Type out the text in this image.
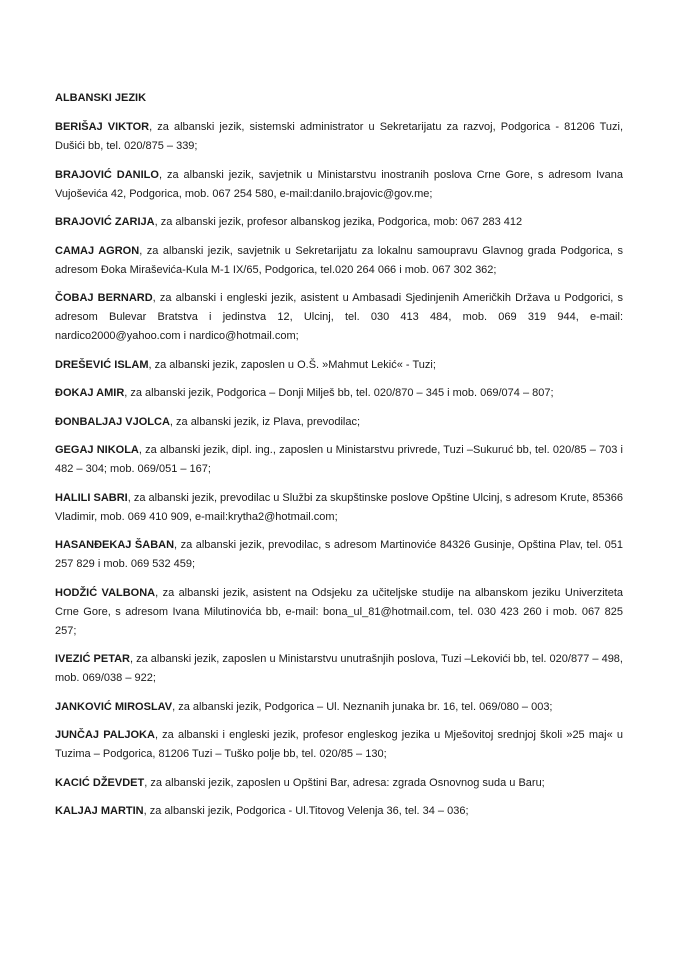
ALBANSKI JEZIK

BERIŠAJ VIKTOR, za albanski jezik, sistemski administrator u Sekretarijatu za razvoj, Podgorica - 81206 Tuzi, Dušići bb, tel. 020/875 – 339;

BRAJOVIĆ DANILO, za albanski jezik, savjetnik u Ministarstvu inostranih poslova Crne Gore, s adresom Ivana Vujoševića 42, Podgorica, mob. 067 254 580, e-mail:danilo.brajovic@gov.me;

BRAJOVIĆ ZARIJA, za albanski jezik, profesor albanskog jezika, Podgorica, mob: 067 283 412

CAMAJ AGRON, za albanski jezik, savjetnik u Sekretarijatu za lokalnu samoupravu Glavnog grada Podgorica, s adresom Đoka Miraševića-Kula M-1 IX/65, Podgorica, tel.020 264 066 i mob. 067 302 362;

ČOBAJ BERNARD, za albanski i engleski jezik, asistent u Ambasadi Sjedinjenih Američkih Država u Podgorici, s adresom Bulevar Bratstva i jedinstva 12, Ulcinj, tel. 030 413 484, mob. 069 319 944, e-mail: nardico2000@yahoo.com i nardico@hotmail.com;

DREŠEVIĆ ISLAM, za albanski jezik, zaposlen u O.Š. »Mahmut Lekić« - Tuzi;

ĐOKAJ AMIR, za albanski jezik, Podgorica – Donji Milješ bb, tel. 020/870 – 345 i mob. 069/074 – 807;

ĐONBALJAJ VJOLCA, za albanski jezik, iz Plava, prevodilac;

GEGAJ NIKOLA, za albanski jezik, dipl. ing., zaposlen u Ministarstvu privrede, Tuzi –Sukuruć bb, tel. 020/85 – 703 i 482 – 304; mob. 069/051 – 167;

HALILI SABRI, za albanski jezik, prevodilac u Službi za skupštinske poslove Opštine Ulcinj, s adresom Krute, 85366 Vladimir, mob. 069 410 909, e-mail:krytha2@hotmail.com;

HASANĐEKAJ ŠABAN, za albanski jezik, prevodilac, s adresom Martinoviće 84326 Gusinje, Opština Plav, tel. 051 257 829 i mob. 069 532 459;

HODŽIĆ VALBONA, za albanski jezik, asistent na Odsjeku za učiteljske studije na albanskom jeziku Univerziteta Crne Gore, s adresom Ivana Milutinovića bb, e-mail: bona_ul_81@hotmail.com, tel. 030 423 260 i mob. 067 825 257;

IVEZIĆ PETAR, za albanski jezik, zaposlen u Ministarstvu unutrašnjih poslova, Tuzi –Lekovići bb, tel. 020/877 – 498, mob. 069/038 – 922;

JANKOVIĆ MIROSLAV, za albanski jezik, Podgorica – Ul. Neznanih junaka br. 16, tel. 069/080 – 003;

JUNČAJ PALJOKA, za albanski i engleski jezik, profesor engleskog jezika u Mješovitoj srednjoj školi »25 maj« u Tuzima – Podgorica, 81206 Tuzi – Tuško polje bb, tel. 020/85 – 130;

KACIĆ DŽEVDET, za albanski jezik, zaposlen u Opštini Bar, adresa: zgrada Osnovnog suda u Baru;

KALJAJ MARTIN, za albanski jezik, Podgorica - Ul.Titovog Velenja 36, tel. 34 – 036;
